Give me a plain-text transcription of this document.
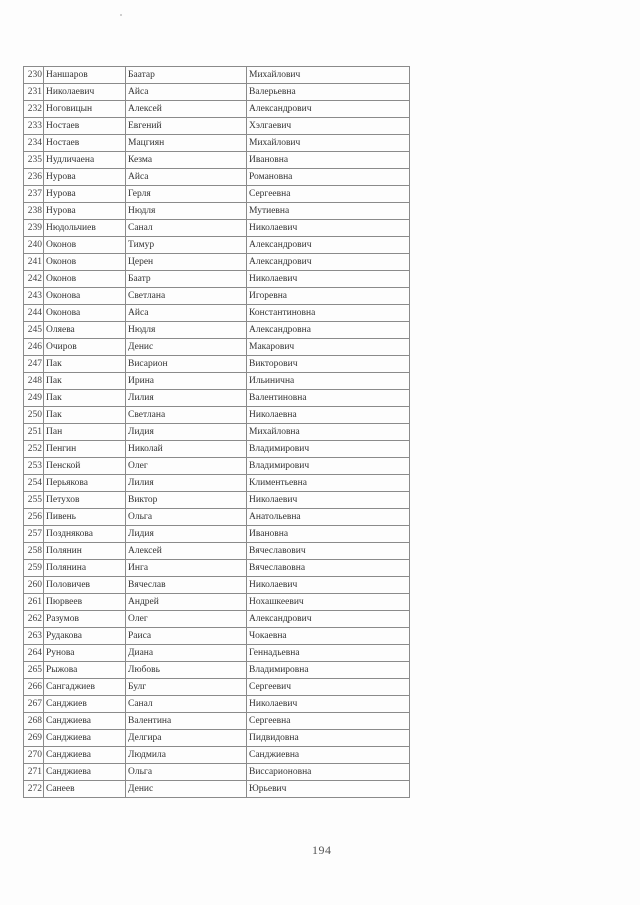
230	Наншаров	Баатар	Михайлович
231	Николаевич	Айса	Валерьевна
232	Ноговицын	Алексей	Александрович
233	Ностаев	Евгений	Хэлгаевич
234	Ностаев	Мацгиян	Михайлович
235	Нудличаена	Кезма	Ивановна
236	Нурова	Айса	Романовна
237	Нурова	Герля	Сергеевна
238	Нурова	Нюдля	Мутиевна
239	Нюдольчиев	Санал	Николаевич
240	Оконов	Тимур	Александрович
241	Оконов	Церен	Александрович
242	Оконов	Баатр	Николаевич
243	Оконова	Светлана	Игоревна
244	Оконова	Айса	Константиновна
245	Оляева	Нюдля	Александровна
246	Очиров	Денис	Макарович
247	Пак	Висарион	Викторович
248	Пак	Ирина	Ильинична
249	Пак	Лилия	Валентиновна
250	Пак	Светлана	Николаевна
251	Пан	Лидия	Михайловна
252	Пенгин	Николай	Владимирович
253	Пенской	Олег	Владимирович
254	Перьякова	Лилия	Климентьевна
255	Петухов	Виктор	Николаевич
256	Пивень	Ольга	Анатольевна
257	Позднякова	Лидия	Ивановна
258	Полянин	Алексей	Вячеславович
259	Полянина	Инга	Вячеславовна
260	Половичев	Вячеслав	Николаевич
261	Пюрвеев	Андрей	Нохашкеевич
262	Разумов	Олег	Александрович
263	Рудакова	Раиса	Чокаевна
264	Рунова	Диана	Геннадьевна
265	Рыжова	Любовь	Владимировна
266	Сангаджиев	Булг	Сергеевич
267	Санджиев	Санал	Николаевич
268	Санджиева	Валентина	Сергеевна
269	Санджиева	Делгира	Пидвидовна
270	Санджиева	Людмила	Санджиевна
271	Санджиева	Ольга	Виссарионовна
272	Санеев	Денис	Юрьевич
194
